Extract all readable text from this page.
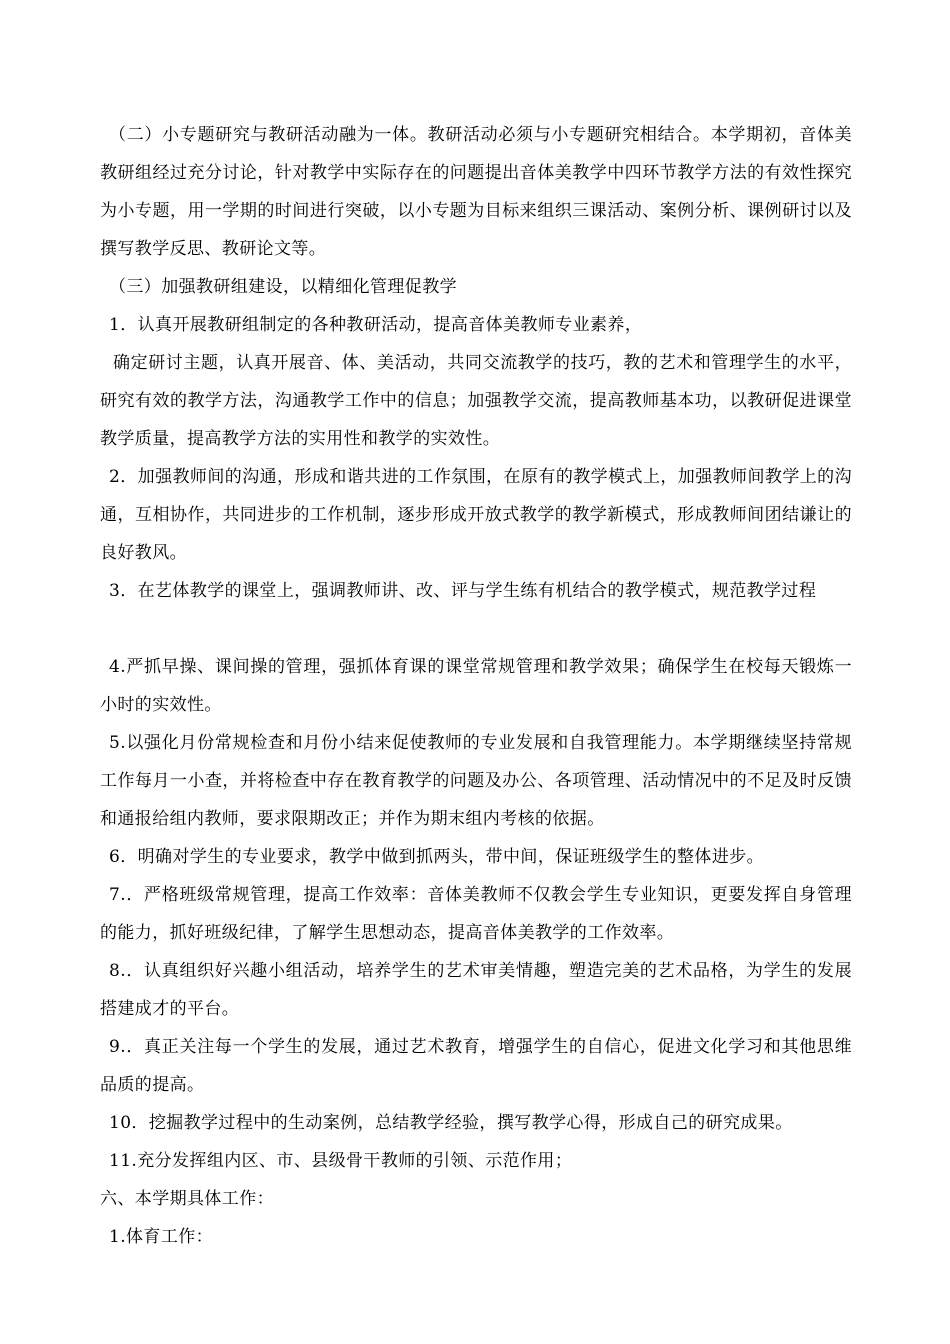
（二）小专题研究与教研活动融为一体。教研活动必须与小专题研究相结合。本学期初，音体美教研组经过充分讨论，针对教学中实际存在的问题提出音体美教学中四环节教学方法的有效性探究为小专题，用一学期的时间进行突破，以小专题为目标来组织三课活动、案例分析、课例研讨以及撰写教学反思、教研论文等。

（三）加强教研组建设，以精细化管理促教学

1．认真开展教研组制定的各种教研活动，提高音体美教师专业素养，

确定研讨主题，认真开展音、体、美活动，共同交流教学的技巧，教的艺术和管理学生的水平，研究有效的教学方法，沟通教学工作中的信息；加强教学交流，提高教师基本功，以教研促进课堂教学质量，提高教学方法的实用性和教学的实效性。

2．加强教师间的沟通，形成和谐共进的工作氛围，在原有的教学模式上，加强教师间教学上的沟通，互相协作，共同进步的工作机制，逐步形成开放式教学的教学新模式，形成教师间团结谦让的良好教风。

3．在艺体教学的课堂上，强调教师讲、改、评与学生练有机结合的教学模式，规范教学过程

4.严抓早操、课间操的管理，强抓体育课的课堂常规管理和教学效果；确保学生在校每天锻炼一小时的实效性。

5.以强化月份常规检查和月份小结来促使教师的专业发展和自我管理能力。本学期继续坚持常规工作每月一小查，并将检查中存在教育教学的问题及办公、各项管理、活动情况中的不足及时反馈和通报给组内教师，要求限期改正；并作为期末组内考核的依据。

6．明确对学生的专业要求，教学中做到抓两头，带中间，保证班级学生的整体进步。

7.．严格班级常规管理，提高工作效率：音体美教师不仅教会学生专业知识，更要发挥自身管理的能力，抓好班级纪律，了解学生思想动态，提高音体美教学的工作效率。

8.．认真组织好兴趣小组活动，培养学生的艺术审美情趣，塑造完美的艺术品格，为学生的发展搭建成才的平台。

9.．真正关注每一个学生的发展，通过艺术教育，增强学生的自信心，促进文化学习和其他思维品质的提高。

10．挖掘教学过程中的生动案例，总结教学经验，撰写教学心得，形成自己的研究成果。

11.充分发挥组内区、市、县级骨干教师的引领、示范作用；

六、本学期具体工作：

1.体育工作：
